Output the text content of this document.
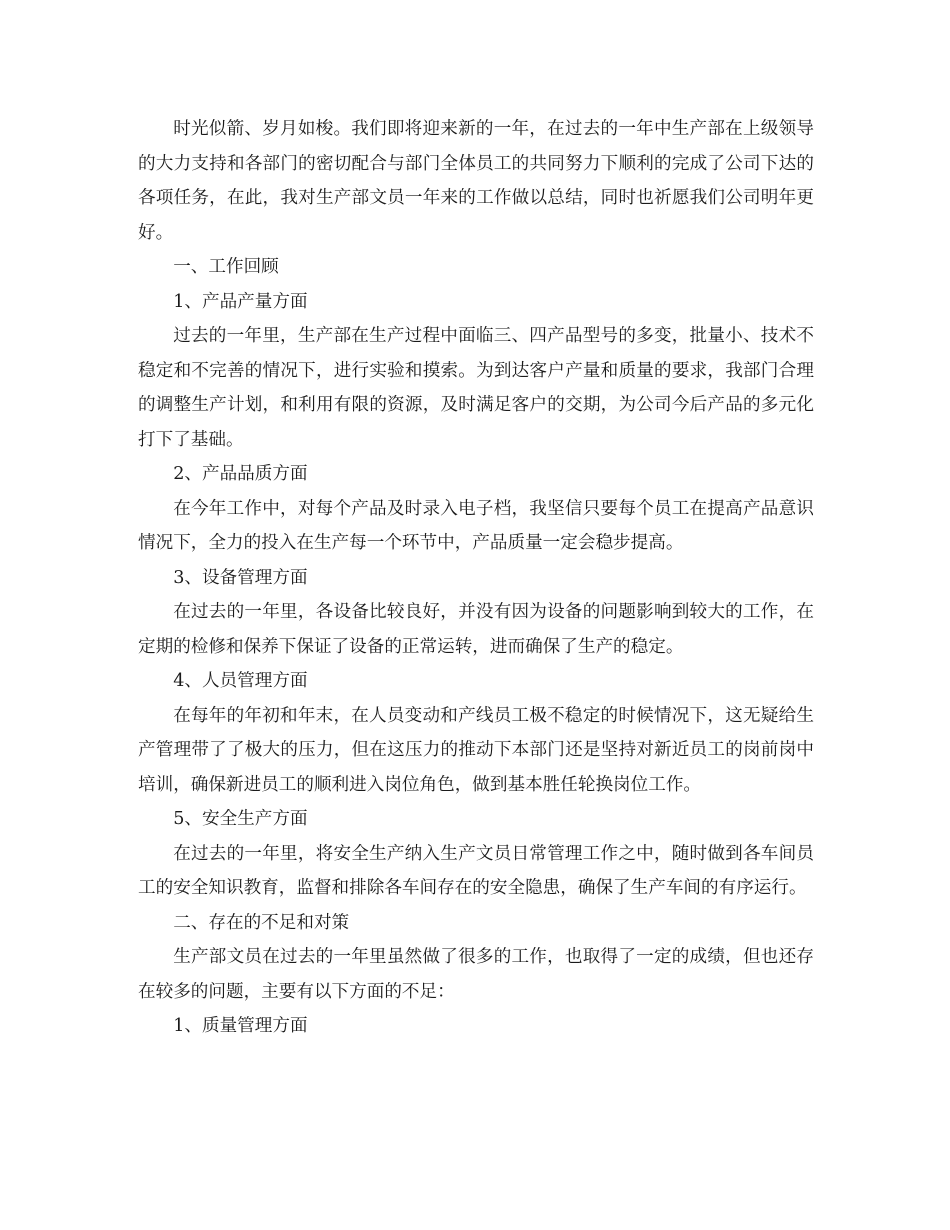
时光似箭、岁月如梭。我们即将迎来新的一年，在过去的一年中生产部在上级领导的大力支持和各部门的密切配合与部门全体员工的共同努力下顺利的完成了公司下达的各项任务，在此，我对生产部文员一年来的工作做以总结，同时也祈愿我们公司明年更好。

一、工作回顾

1、产品产量方面

过去的一年里，生产部在生产过程中面临三、四产品型号的多变，批量小、技术不稳定和不完善的情况下，进行实验和摸索。为到达客户产量和质量的要求，我部门合理的调整生产计划，和利用有限的资源，及时满足客户的交期，为公司今后产品的多元化打下了基础。

2、产品品质方面

在今年工作中，对每个产品及时录入电子档，我坚信只要每个员工在提高产品意识情况下，全力的投入在生产每一个环节中，产品质量一定会稳步提高。

3、设备管理方面

在过去的一年里，各设备比较良好，并没有因为设备的问题影响到较大的工作，在定期的检修和保养下保证了设备的正常运转，进而确保了生产的稳定。

4、人员管理方面

在每年的年初和年末，在人员变动和产线员工极不稳定的时候情况下，这无疑给生产管理带了了极大的压力，但在这压力的推动下本部门还是坚持对新近员工的岗前岗中培训，确保新进员工的顺利进入岗位角色，做到基本胜任轮换岗位工作。

5、安全生产方面

在过去的一年里，将安全生产纳入生产文员日常管理工作之中，随时做到各车间员工的安全知识教育，监督和排除各车间存在的安全隐患，确保了生产车间的有序运行。

二、存在的不足和对策

生产部文员在过去的一年里虽然做了很多的工作，也取得了一定的成绩，但也还存在较多的问题，主要有以下方面的不足：

1、质量管理方面
